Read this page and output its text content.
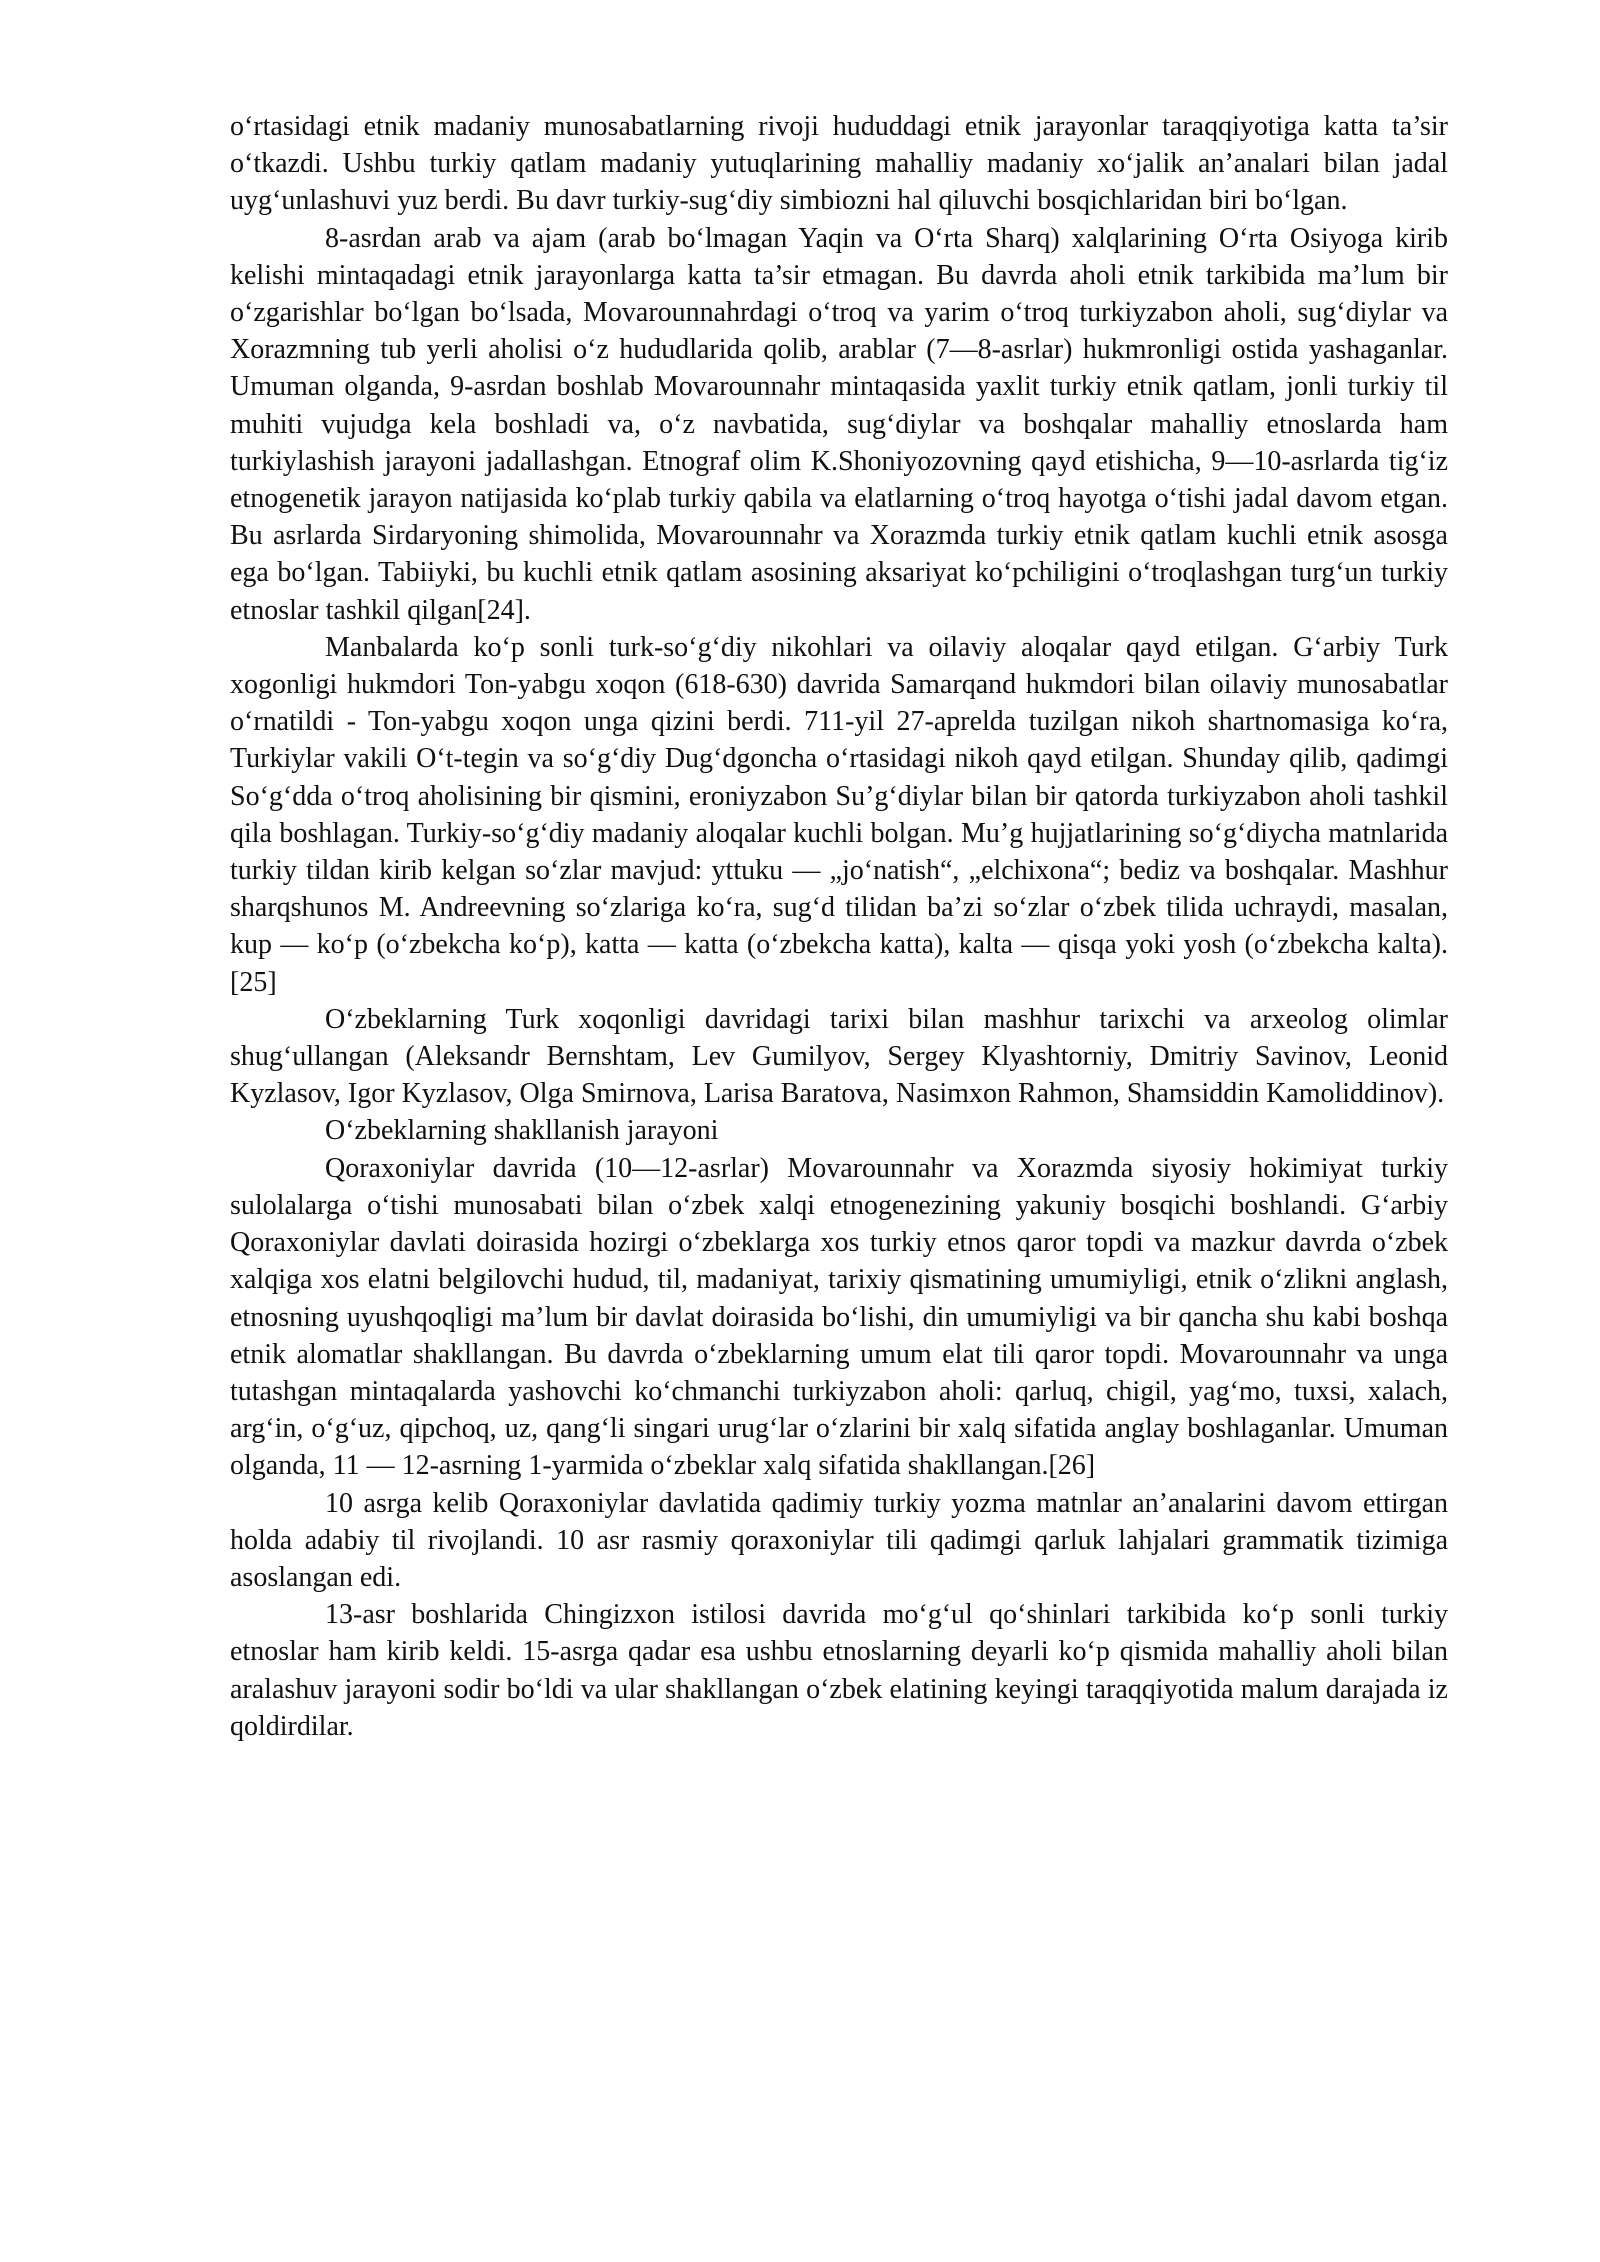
o‘rtasidagi etnik madaniy munosabatlarning rivoji hududdagi etnik jarayonlar taraqqiyotiga katta ta’sir o‘tkazdi. Ushbu turkiy qatlam madaniy yutuqlarining mahalliy madaniy xo‘jalik an’analari bilan jadal uyg‘unlashuvi yuz berdi. Bu davr turkiy-sug‘diy simbiozni hal qiluvchi bosqichlaridan biri bo‘lgan.

8-asrdan arab va ajam (arab bo‘lmagan Yaqin va O‘rta Sharq) xalqlarining O‘rta Osiyoga kirib kelishi mintaqadagi etnik jarayonlarga katta ta’sir etmagan. Bu davrda aholi etnik tarkibida ma’lum bir o‘zgarishlar bo‘lgan bo‘lsada, Movarounnahrdagi o‘troq va yarim o‘troq turkiyzabon aholi, sug‘diylar va Xorazmning tub yerli aholisi o‘z hududlarida qolib, arablar (7—8-asrlar) hukmronligi ostida yashaganlar. Umuman olganda, 9-asrdan boshlab Movarounnahr mintaqasida yaxlit turkiy etnik qatlam, jonli turkiy til muhiti vujudga kela boshladi va, o‘z navbatida, sug‘diylar va boshqalar mahalliy etnoslarda ham turkiylashish jarayoni jadallashgan. Etnograf olim K.Shoniyozovning qayd etishicha, 9—10-asrlarda tig‘iz etnogenetik jarayon natijasida ko‘plab turkiy qabila va elatlarning o‘troq hayotga o‘tishi jadal davom etgan. Bu asrlarda Sirdaryoning shimolida, Movarounnahr va Xorazmda turkiy etnik qatlam kuchli etnik asosga ega bo‘lgan. Tabiiyki, bu kuchli etnik qatlam asosining aksariyat ko‘pchiligini o‘troqlashgan turg‘un turkiy etnoslar tashkil qilgan[24].

Manbalarda ko‘p sonli turk-so‘g‘diy nikohlari va oilaviy aloqalar qayd etilgan. G‘arbiy Turk xogonligi hukmdori Ton-yabgu xoqon (618-630) davrida Samarqand hukmdori bilan oilaviy munosabatlar o‘rnatildi - Ton-yabgu xoqon unga qizini berdi. 711-yil 27-aprelda tuzilgan nikoh shartnomasiga ko‘ra, Turkiylar vakili O‘t-tegin va so‘g‘diy Dug‘dgoncha o‘rtasidagi nikoh qayd etilgan. Shunday qilib, qadimgi So‘g‘dda o‘troq aholisining bir qismini, eroniyzabon Su’g‘diylar bilan bir qatorda turkiyzabon aholi tashkil qila boshlagan. Turkiy-so‘g‘diy madaniy aloqalar kuchli bolgan. Mu’g hujjatlarining so‘g‘diycha matnlarida turkiy tildan kirib kelgan so‘zlar mavjud: yttuku — „jo‘natish“, „elchixona“; bediz va boshqalar. Mashhur sharqshunos M. Andreevning so‘zlariga ko‘ra, sug‘d tilidan ba’zi so‘zlar o‘zbek tilida uchraydi, masalan, kup — ko‘p (o‘zbekcha ko‘p), katta — katta (o‘zbekcha katta), kalta — qisqa yoki yosh (o‘zbekcha kalta).[25]

O‘zbeklarning Turk xoqonligi davridagi tarixi bilan mashhur tarixchi va arxeolog olimlar shug‘ullangan (Aleksandr Bernshtam, Lev Gumilyov, Sergey Klyashtorniy, Dmitriy Savinov, Leonid Kyzlasov, Igor Kyzlasov, Olga Smirnova, Larisa Baratova, Nasimxon Rahmon, Shamsiddin Kamoliddinov).

O‘zbeklarning shakllanish jarayoni

Qoraxoniylar davrida (10—12-asrlar) Movarounnahr va Xorazmda siyosiy hokimiyat turkiy sulolalarga o‘tishi munosabati bilan o‘zbek xalqi etnogenezining yakuniy bosqichi boshlandi. G‘arbiy Qoraxoniylar davlati doirasida hozirgi o‘zbeklarga xos turkiy etnos qaror topdi va mazkur davrda o‘zbek xalqiga xos elatni belgilovchi hudud, til, madaniyat, tarixiy qismatining umumiyligi, etnik o‘zlikni anglash, etnosning uyushqoqligi ma’lum bir davlat doirasida bo‘lishi, din umumiyligi va bir qancha shu kabi boshqa etnik alomatlar shakllangan. Bu davrda o‘zbeklarning umum elat tili qaror topdi. Movarounnahr va unga tutashgan mintaqalarda yashovchi ko‘chmanchi turkiyzabon aholi: qarluq, chigil, yag‘mo, tuxsi, xalach, arg‘in, o‘g‘uz, qipchoq, uz, qang‘li singari urug‘lar o‘zlarini bir xalq sifatida anglay boshlaganlar. Umuman olganda, 11 — 12-asrning 1-yarmida o‘zbeklar xalq sifatida shakllangan.[26]

10 asrga kelib Qoraxoniylar davlatida qadimiy turkiy yozma matnlar an’analarini davom ettirgan holda adabiy til rivojlandi. 10 asr rasmiy qoraxoniylar tili qadimgi qarluk lahjalari grammatik tizimiga asoslangan edi.

13-asr boshlarida Chingizxon istilosi davrida mo‘g‘ul qo‘shinlari tarkibida ko‘p sonli turkiy etnoslar ham kirib keldi. 15-asrga qadar esa ushbu etnoslarning deyarli ko‘p qismida mahalliy aholi bilan aralashuv jarayoni sodir bo‘ldi va ular shakllangan o‘zbek elatining keyingi taraqqiyotida malum darajada iz qoldirdilar.
